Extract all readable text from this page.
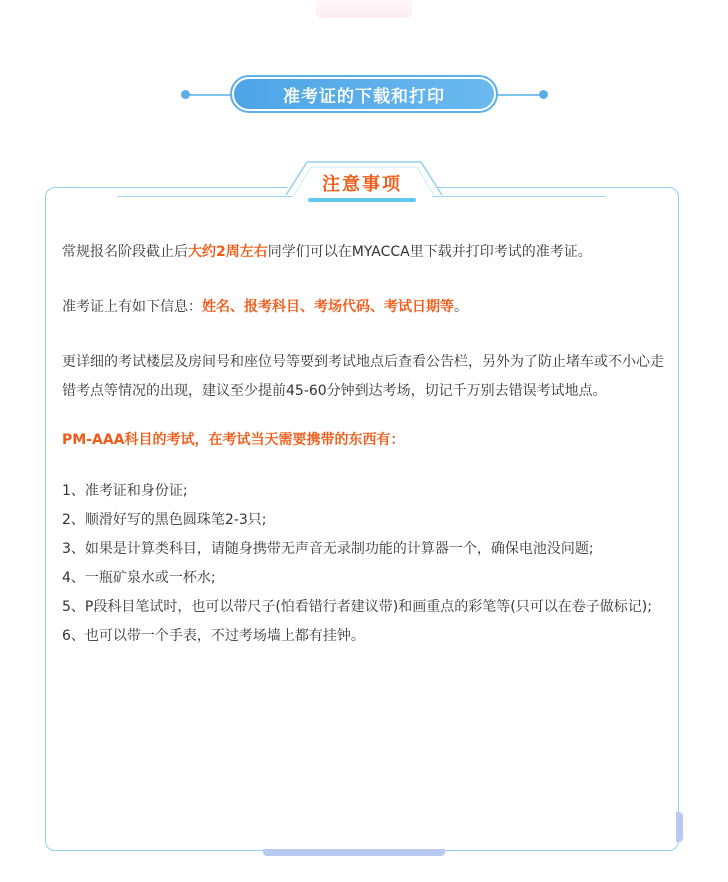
准考证的下载和打印
注意事项

常规报名阶段截止后大约2周左右同学们可以在MYACCA里下载并打印考试的准考证。

准考证上有如下信息：姓名、报考科目、考场代码、考试日期等。

更详细的考试楼层及房间号和座位号等要到考试地点后查看公告栏，另外为了防止堵车或不小心走错考点等情况的出现，建议至少提前45-60分钟到达考场，切记千万别去错误考试地点。

PM-AAA科目的考试，在考试当天需要携带的东西有：

1、准考证和身份证;

2、顺滑好写的黑色圆珠笔2-3只;

3、如果是计算类科目，请随身携带无声音无录制功能的计算器一个，确保电池没问题;

4、一瓶矿泉水或一杯水;

5、P段科目笔试时，也可以带尺子(怕看错行者建议带)和画重点的彩笔等(只可以在卷子做标记);

6、也可以带一个手表，不过考场墙上都有挂钟。
